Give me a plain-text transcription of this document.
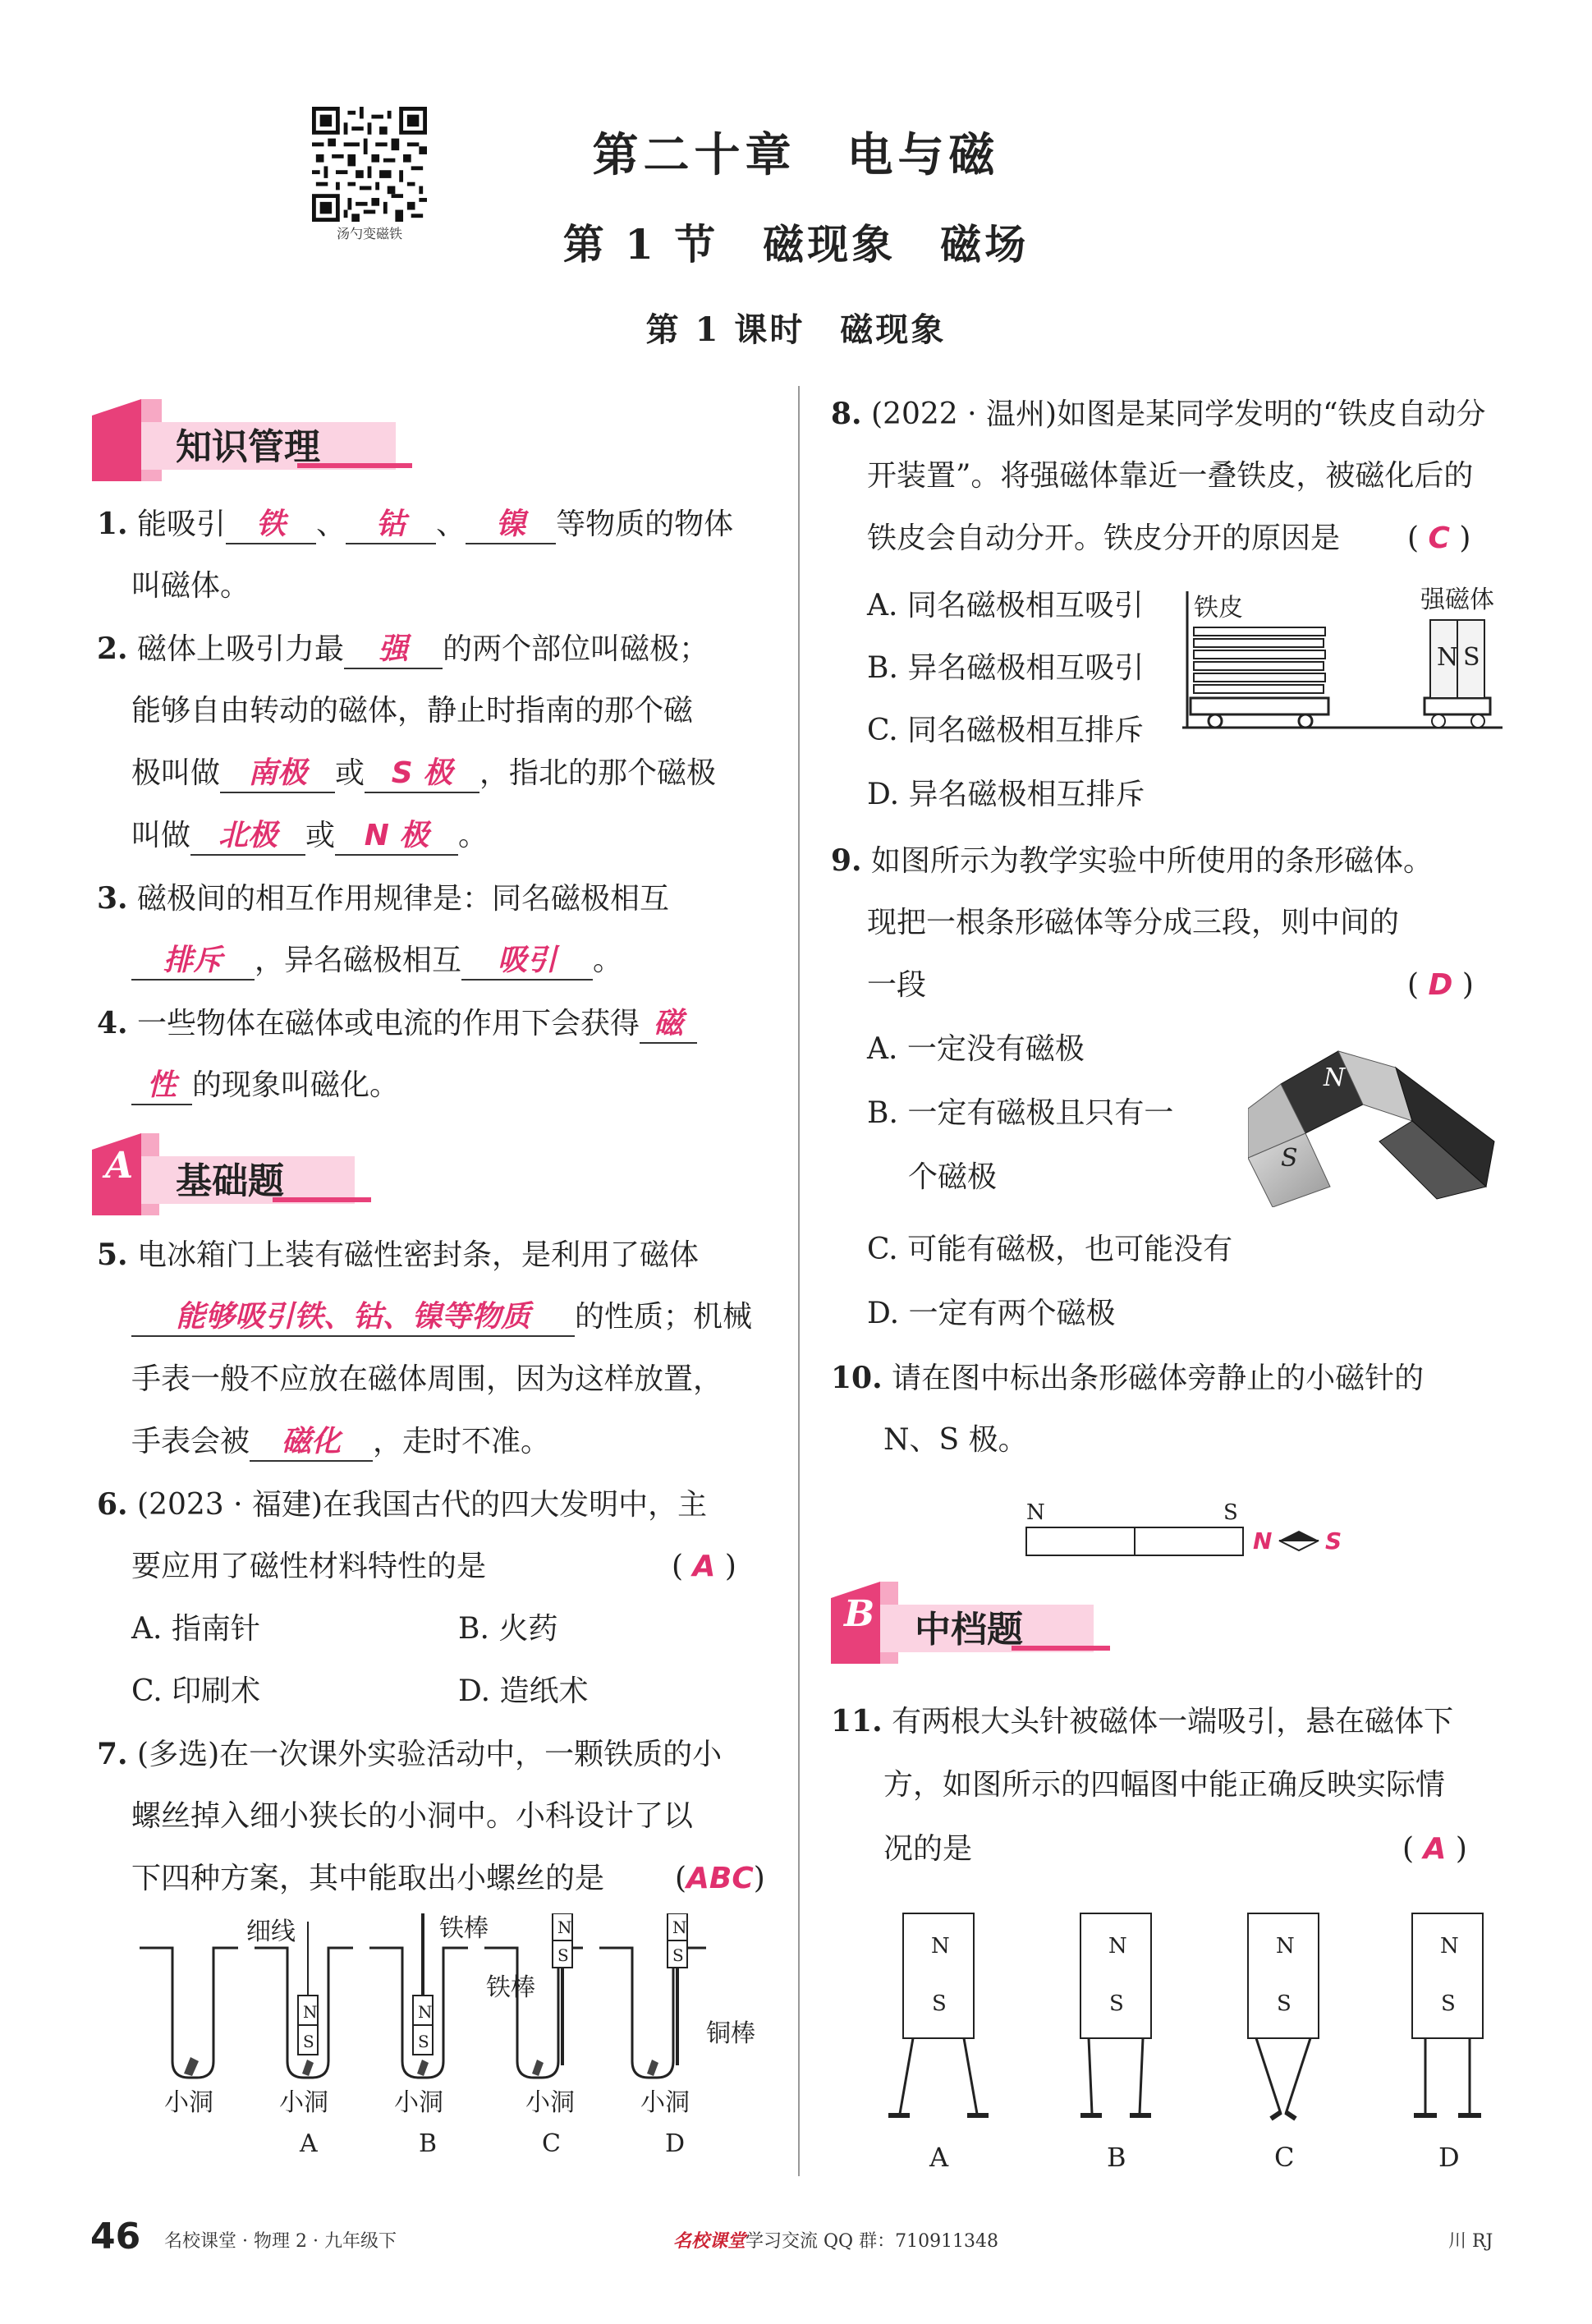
汤勺变磁铁
第二十章　电与磁
第 1 节　磁现象　磁场
第 1 课时　磁现象
知识管理
1. 能吸引 铁 、 钴 、 镍 等物质的物体
叫磁体。
2. 磁体上吸引力最 强 的两个部位叫磁极；
能够自由转动的磁体，静止时指南的那个磁
极叫做 南极 或 S 极 ，指北的那个磁极
叫做 北极 或 N 极 。
3. 磁极间的相互作用规律是：同名磁极相互
排斥 ，异名磁极相互 吸引 。
4. 一些物体在磁体或电流的作用下会获得 磁
性 的现象叫磁化。
A 基础题
5. 电冰箱门上装有磁性密封条，是利用了磁体
能够吸引铁、钴、镍等物质 的性质；机械
手表一般不应放在磁体周围，因为这样放置，
手表会被 磁化 ，走时不准。
6. (2023 · 福建)在我国古代的四大发明中，主
要应用了磁性材料特性的是	( A )
A. 指南针	B. 火药
C. 印刷术	D. 造纸术
7. (多选)在一次课外实验活动中，一颗铁质的小
螺丝掉入细小狭长的小洞中。小科设计了以
下四种方案，其中能取出小螺丝的是 (ABC)
N
S
N
S
N
S
N
S
细线	铁棒
铁棒
铜棒
小洞	小洞	小洞	小洞	小洞
A	B	C	D
8. (2022 · 温州)如图是某同学发明的“铁皮自动分
开装置”。将强磁体靠近一叠铁皮，被磁化后的
铁皮会自动分开。铁皮分开的原因是 ( C )
A. 同名磁极相互吸引
B. 异名磁极相互吸引
C. 同名磁极相互排斥
D. 异名磁极相互排斥
铁皮	强磁体
N S
9. 如图所示为教学实验中所使用的条形磁体。
现把一根条形磁体等分成三段，则中间的
一段	( D )
A. 一定没有磁极
B. 一定有磁极且只有一
个磁极
C. 可能有磁极，也可能没有
D. 一定有两个磁极
N
S
10. 请在图中标出条形磁体旁静止的小磁针的
N、S 极。
N	S
N S
B 中档题
11. 有两根大头针被磁体一端吸引，悬在磁体下
方，如图所示的四幅图中能正确反映实际情
况的是	( A )
N
S
N
S
N
S
N
S
A	B	C	D
46 名校课堂 · 物理 2 · 九年级下	名校课堂学习交流 QQ 群：710911348	川 RJ
